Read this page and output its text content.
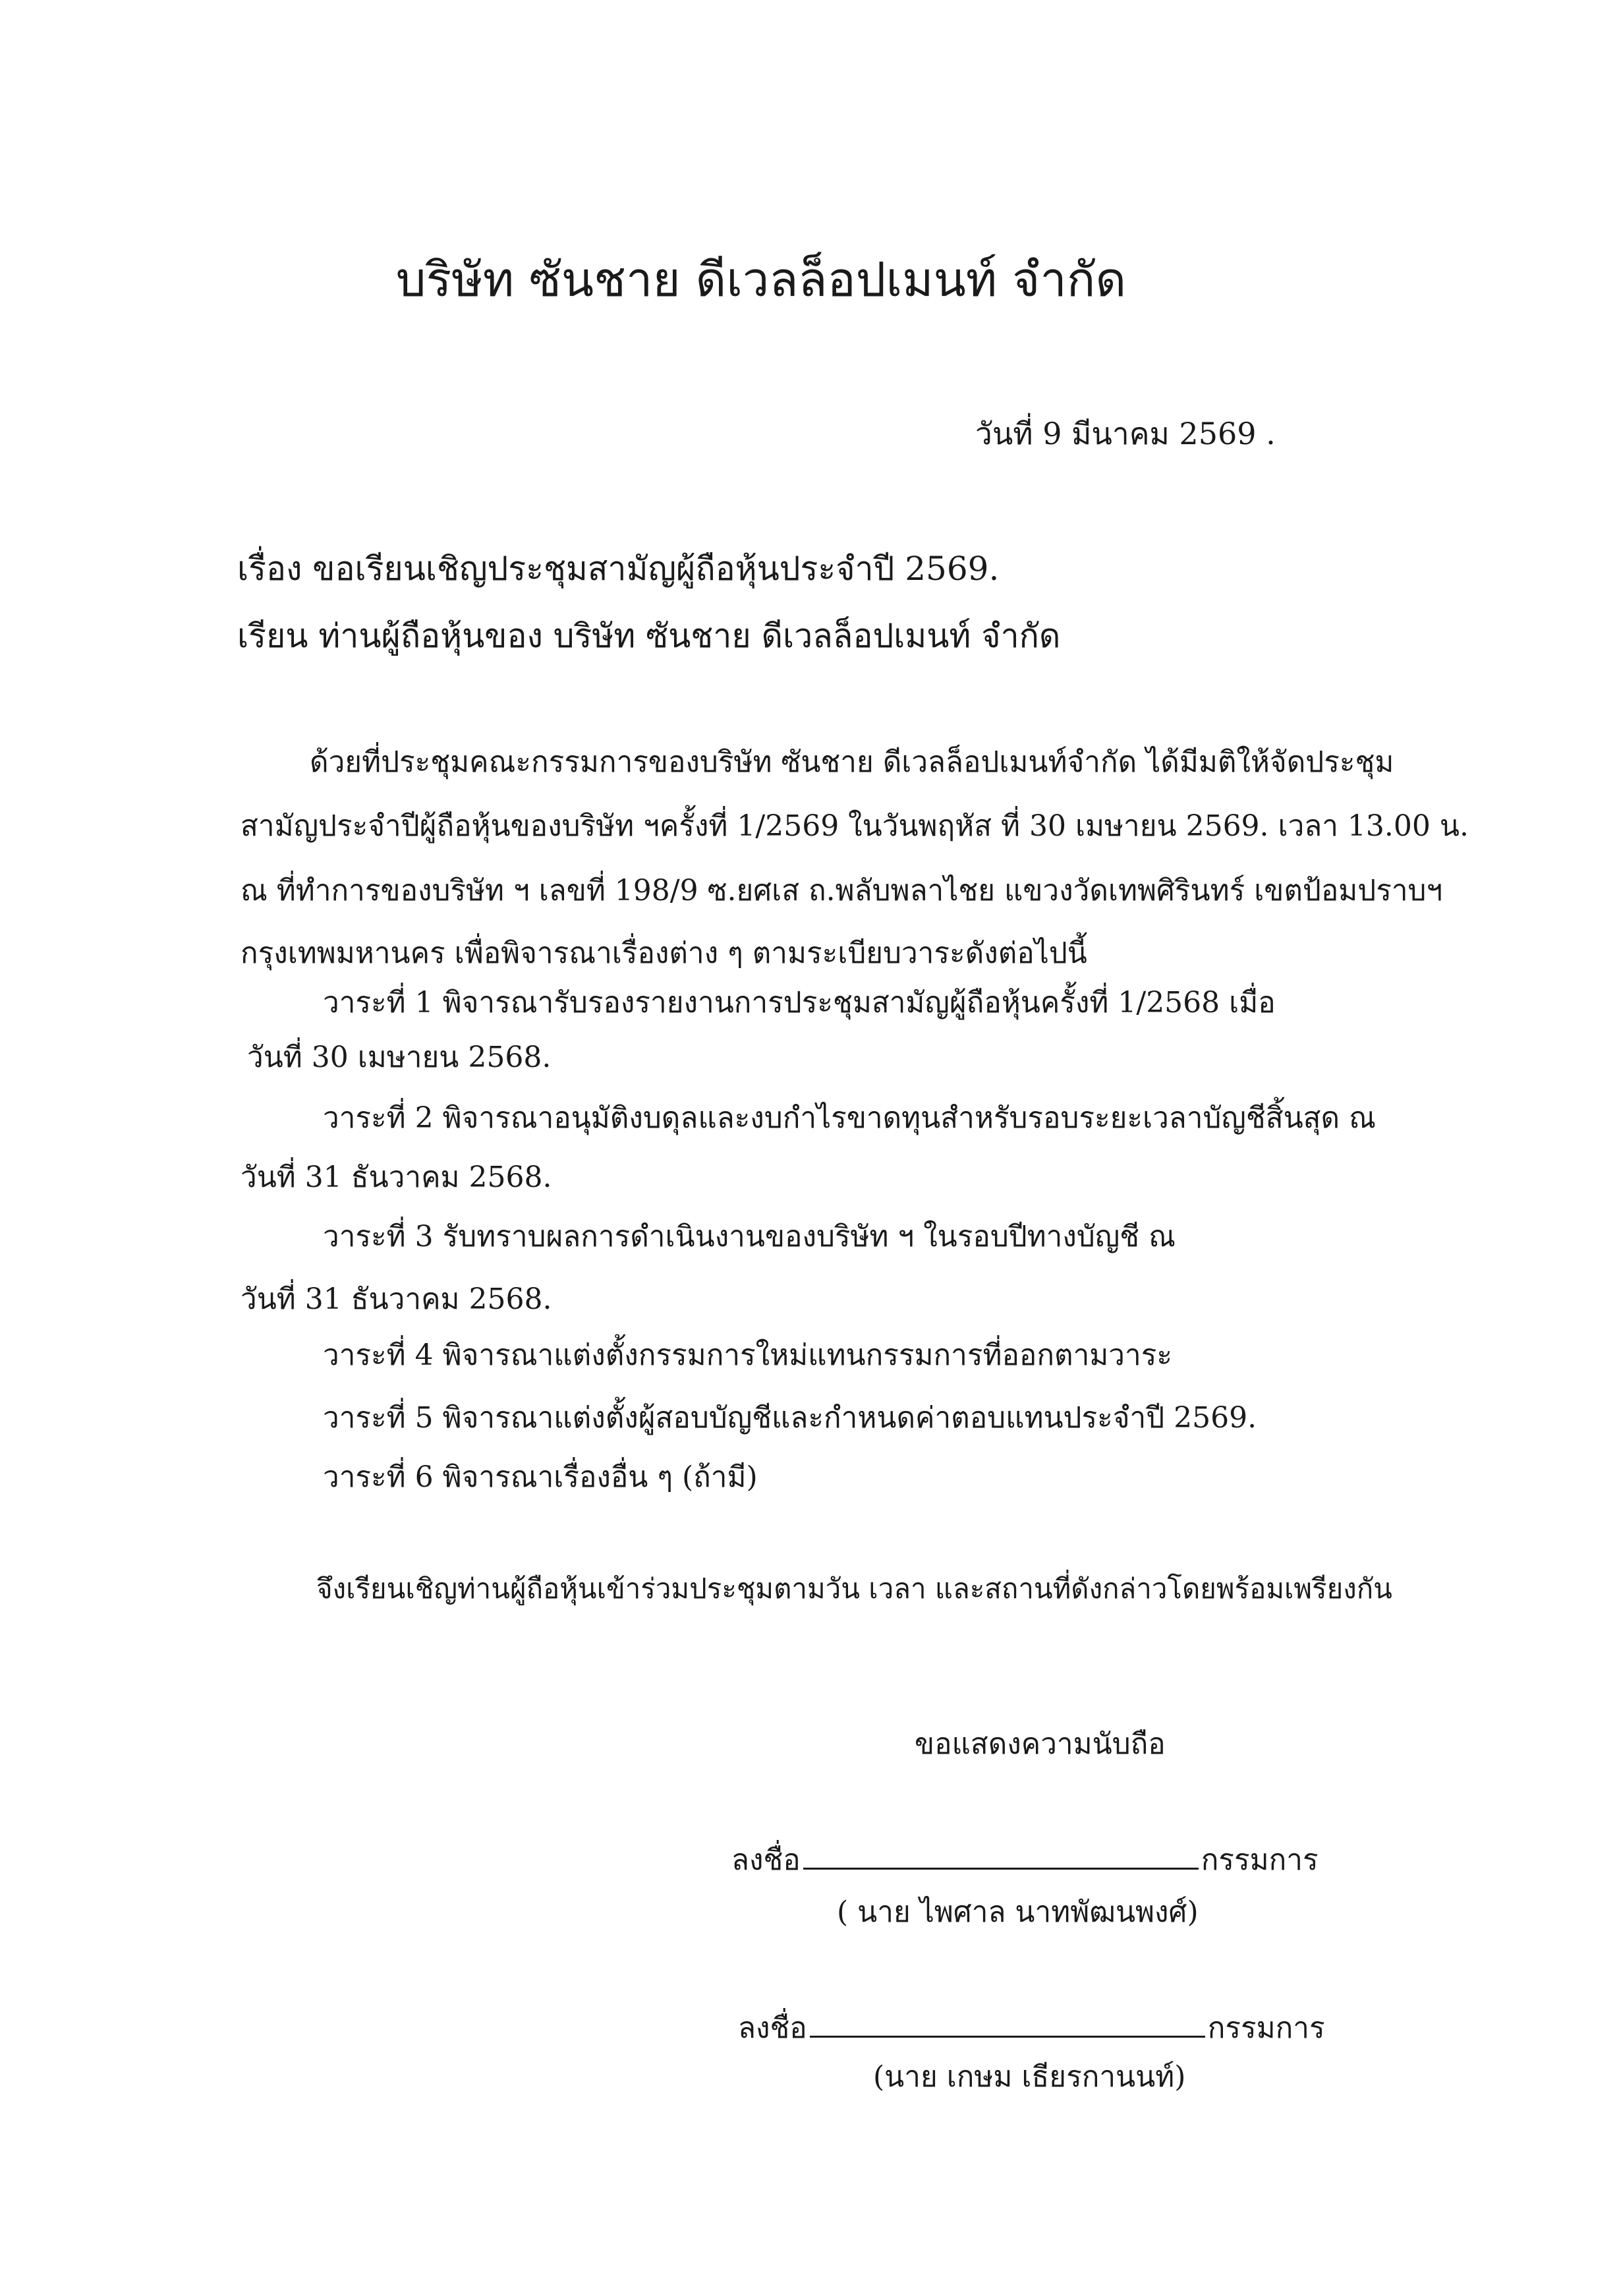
บริษัท ซันชาย ดีเวลล็อปเมนท์ จำกัด
วันที่ 9 มีนาคม 2569 .
เรื่อง ขอเรียนเชิญประชุมสามัญผู้ถือหุ้นประจำปี 2569.
เรียน ท่านผู้ถือหุ้นของ บริษัท ซันชาย ดีเวลล็อปเมนท์ จำกัด
ด้วยที่ประชุมคณะกรรมการของบริษัท ซันชาย ดีเวลล็อปเมนท์จำกัด ได้มีมติให้จัดประชุม
สามัญประจำปีผู้ถือหุ้นของบริษัท ฯครั้งที่ 1/2569 ในวันพฤหัส ที่ 30 เมษายน 2569. เวลา 13.00 น.
ณ ที่ทำการของบริษัท ฯ เลขที่ 198/9 ซ.ยศเส ถ.พลับพลาไชย แขวงวัดเทพศิรินทร์ เขตป้อมปราบฯ
กรุงเทพมหานคร เพื่อพิจารณาเรื่องต่าง ๆ ตามระเบียบวาระดังต่อไปนี้
วาระที่ 1 พิจารณารับรองรายงานการประชุมสามัญผู้ถือหุ้นครั้งที่ 1/2568 เมื่อ
วันที่ 30 เมษายน 2568.
วาระที่ 2 พิจารณาอนุมัติงบดุลและงบกำไรขาดทุนสำหรับรอบระยะเวลาบัญชีสิ้นสุด ณ
วันที่ 31 ธันวาคม 2568.
วาระที่ 3 รับทราบผลการดำเนินงานของบริษัท ฯ ในรอบปีทางบัญชี ณ
วันที่ 31 ธันวาคม 2568.
วาระที่ 4 พิจารณาแต่งตั้งกรรมการใหม่แทนกรรมการที่ออกตามวาระ
วาระที่ 5 พิจารณาแต่งตั้งผู้สอบบัญชีและกำหนดค่าตอบแทนประจำปี 2569.
วาระที่ 6 พิจารณาเรื่องอื่น ๆ (ถ้ามี)
จึงเรียนเชิญท่านผู้ถือหุ้นเข้าร่วมประชุมตามวัน เวลา และสถานที่ดังกล่าวโดยพร้อมเพรียงกัน
ขอแสดงความนับถือ
ลงชื่อ	กรรมการ
( นาย ไพศาล นาทพัฒนพงศ์)
ลงชื่อ	กรรมการ
(นาย เกษม เธียรกานนท์)
